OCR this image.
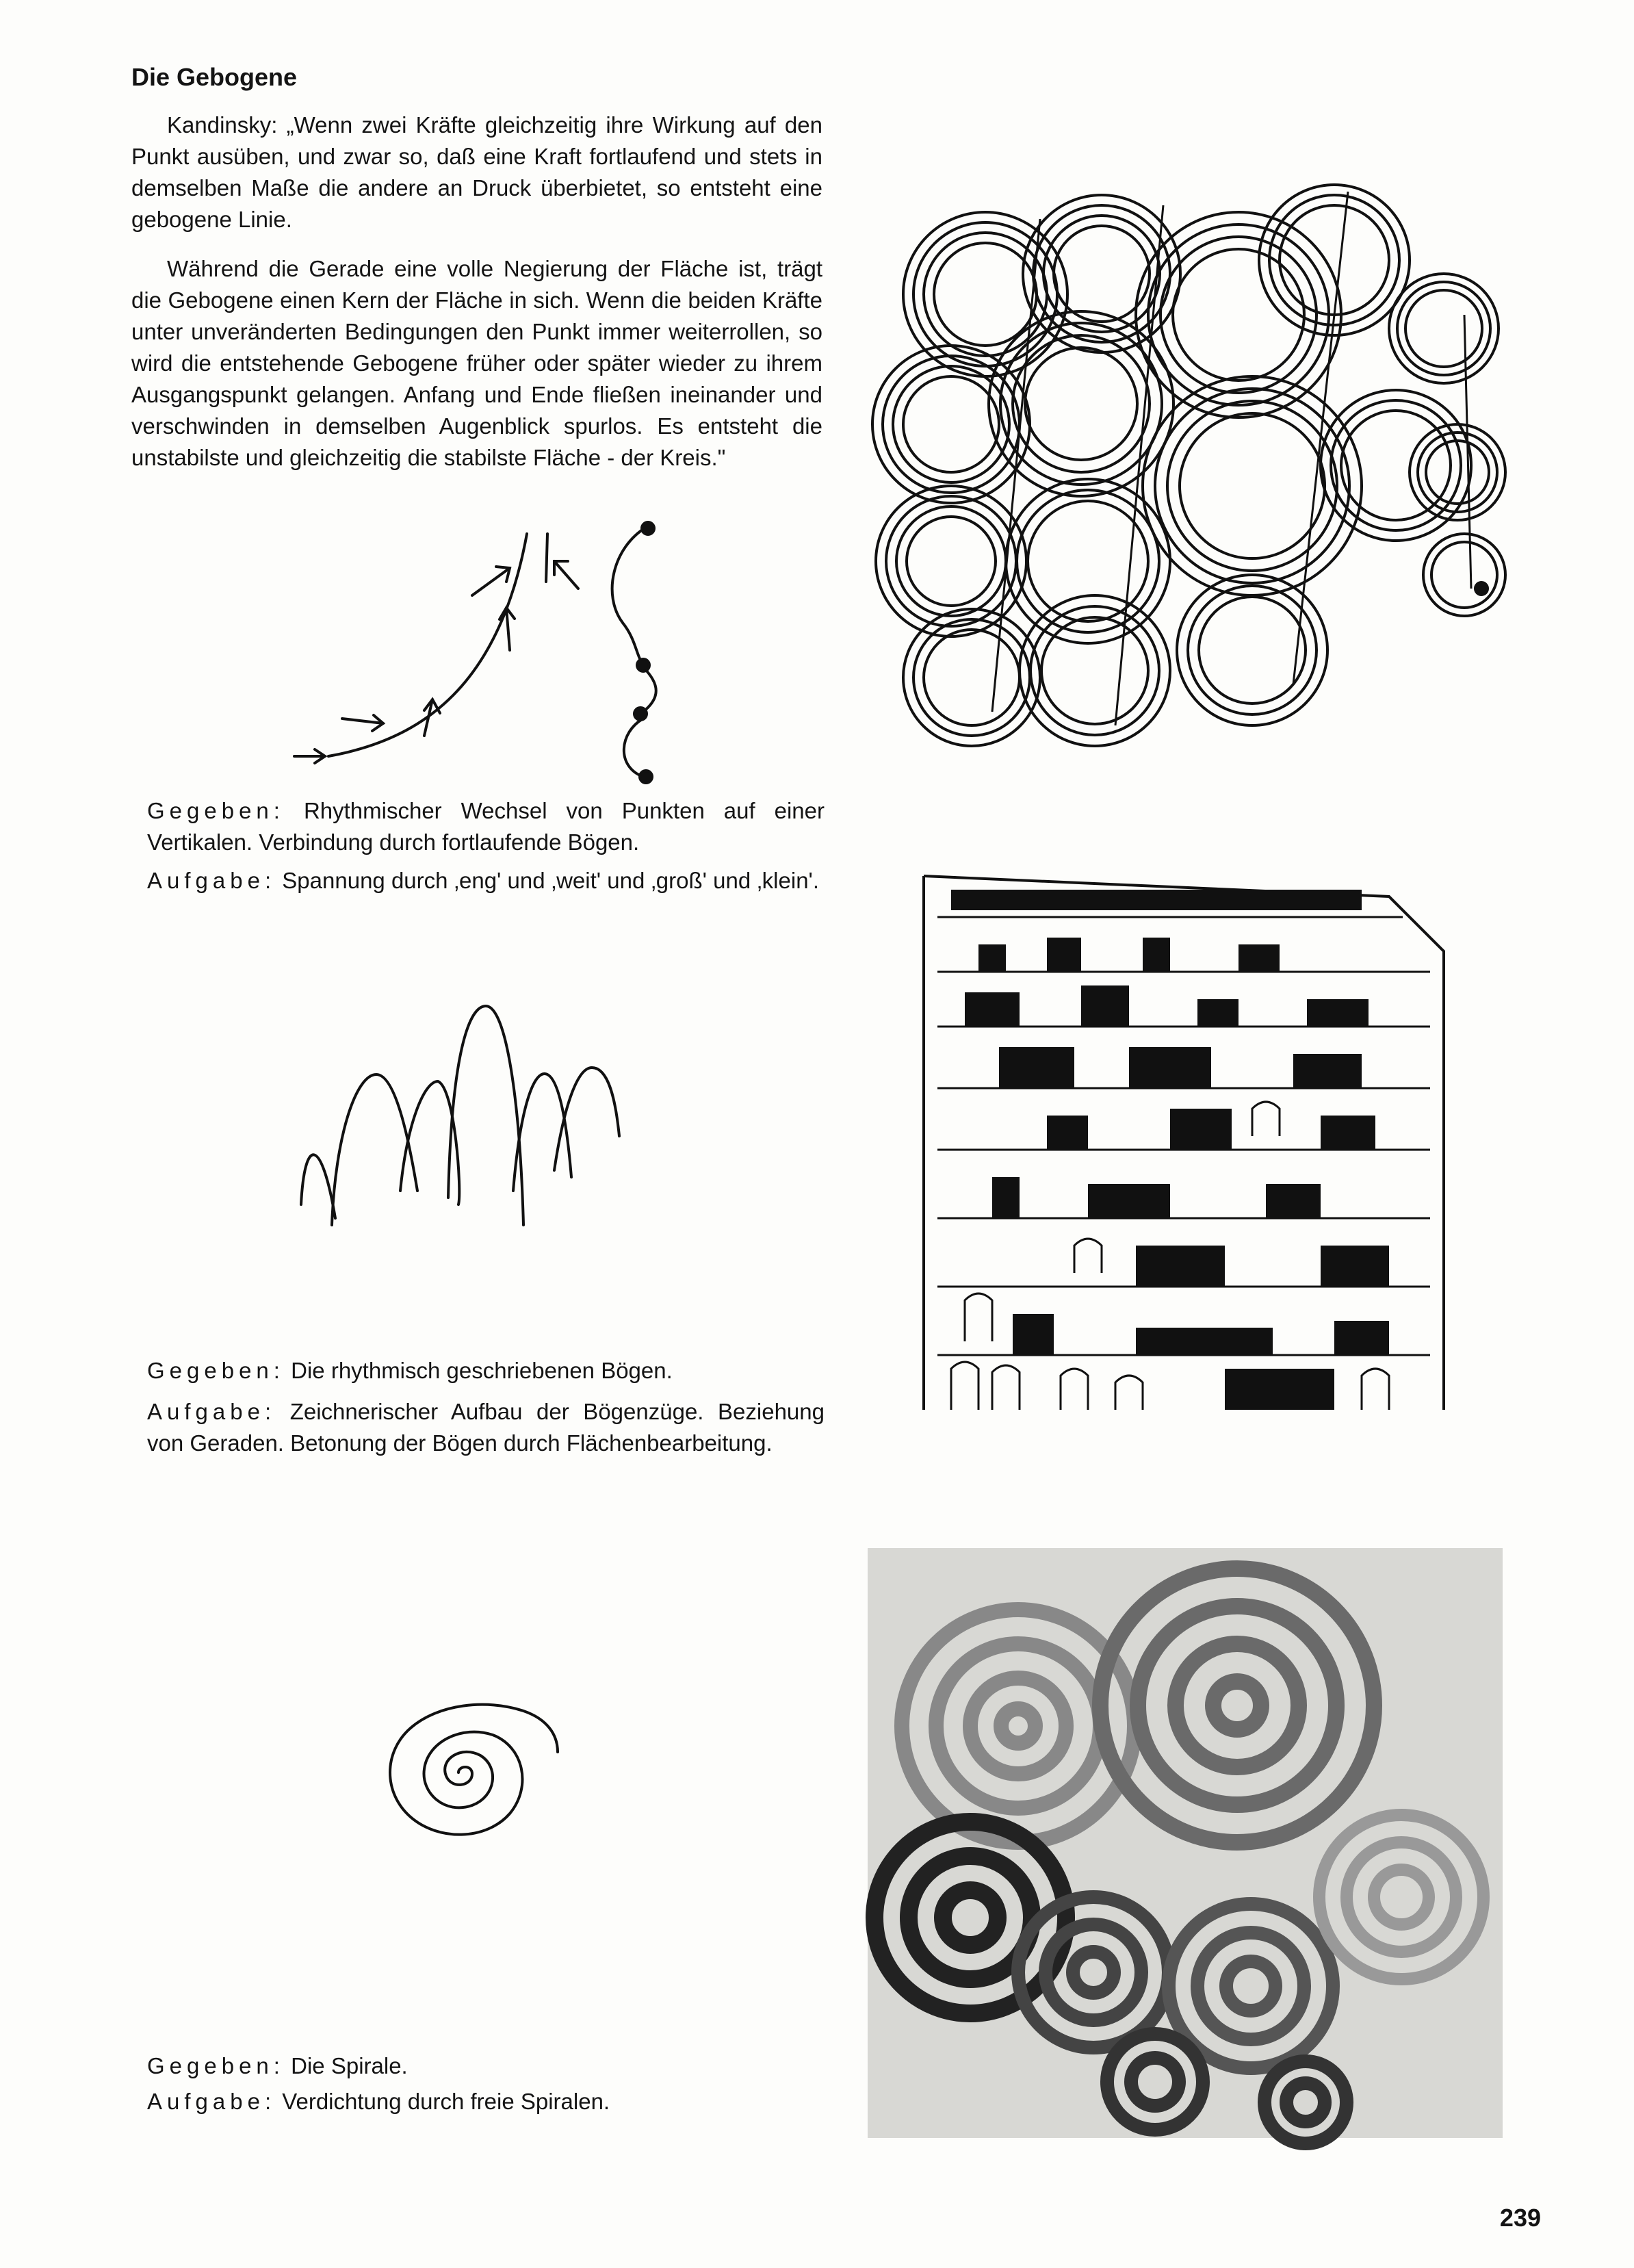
Die Gebogene

Kandinsky: „Wenn zwei Kräfte gleichzeitig ihre Wirkung auf den Punkt ausüben, und zwar so, daß eine Kraft fortlaufend und stets in demselben Maße die andere an Druck überbietet, so entsteht eine gebogene Linie.

Während die Gerade eine volle Negierung der Fläche ist, trägt die Gebogene einen Kern der Fläche in sich. Wenn die beiden Kräfte unter unveränderten Bedingungen den Punkt immer weiterrollen, so wird die entstehende Gebogene früher oder später wieder zu ihrem Ausgangspunkt gelangen. Anfang und Ende fließen ineinander und verschwinden in demselben Augenblick spurlos. Es entsteht die unstabilste und gleichzeitig die stabilste Fläche - der Kreis."

Gegeben: Rhythmischer Wechsel von Punkten auf einer Vertikalen. Verbindung durch fortlaufende Bögen.
Aufgabe: Spannung durch ‚eng' und ‚weit' und ‚groß' und ‚klein'.
Gegeben: Die rhythmisch geschriebenen Bögen.
Aufgabe: Zeichnerischer Aufbau der Bögenzüge. Beziehung von Geraden. Betonung der Bögen durch Flächenbearbeitung.
Gegeben: Die Spirale.
Aufgabe: Verdichtung durch freie Spiralen.
239
